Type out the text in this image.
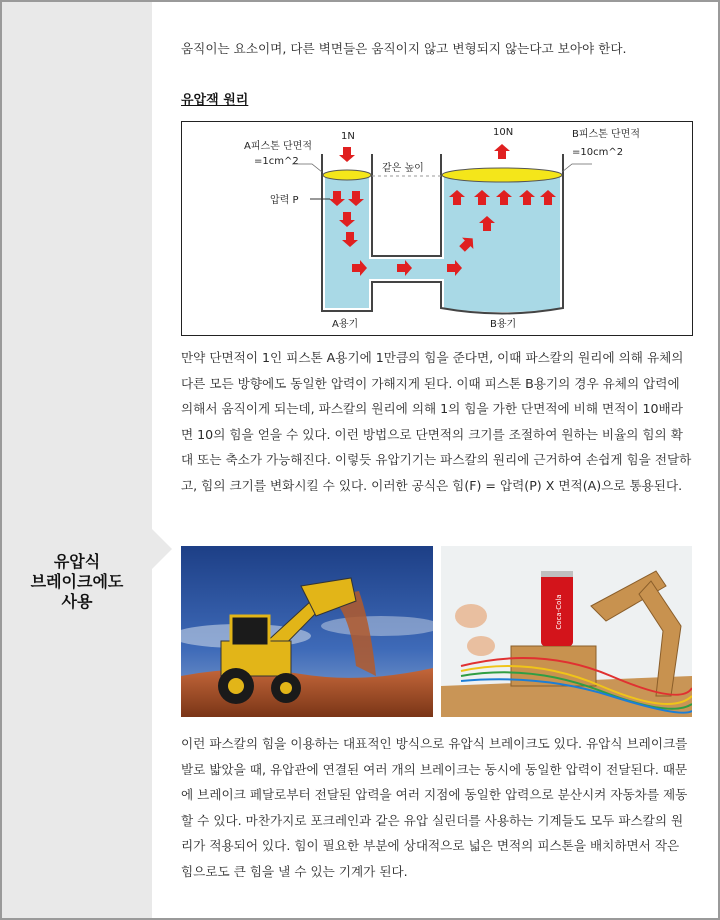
유압식
브레이크에도
사용

움직이는 요소이며, 다른 벽면들은 움직이지 않고 변형되지 않는다고 보아야 한다.

유압잭 원리
A피스톤 단면적
=1cm^2
B피스톤 단면적
=10cm^2
1N	10N
같은 높이
압력 P
A용기	B용기

만약 단면적이 1인 피스톤 A용기에 1만큼의 힘을 준다면, 이때 파스칼의 원리에 의해 유체의 다른 모든 방향에도 동일한 압력이 가해지게 된다. 이때 피스톤 B용기의 경우 유체의 압력에 의해서 움직이게 되는데, 파스칼의 원리에 의해 1의 힘을 가한 단면적에 비해 면적이 10배라면 10의 힘을 얻을 수 있다. 이런 방법으로 단면적의 크기를 조절하여 원하는 비율의 힘의 확대 또는 축소가 가능해진다. 이렇듯 유압기기는 파스칼의 원리에 근거하여 손쉽게 힘을 전달하고, 힘의 크기를 변화시킬 수 있다. 이러한 공식은 힘(F) = 압력(P) X 면적(A)으로 통용된다.

Coca-Cola

이런 파스칼의 힘을 이용하는 대표적인 방식으로 유압식 브레이크도 있다. 유압식 브레이크를 발로 밟았을 때, 유압관에 연결된 여러 개의 브레이크는 동시에 동일한 압력이 전달된다. 때문에 브레이크 페달로부터 전달된 압력을 여러 지점에 동일한 압력으로 분산시켜 자동차를 제동 할 수 있다. 마찬가지로 포크레인과 같은 유압 실린더를 사용하는 기계들도 모두 파스칼의 원리가 적용되어 있다. 힘이 필요한 부분에 상대적으로 넓은 면적의 피스톤을 배치하면서 작은 힘으로도 큰 힘을 낼 수 있는 기계가 된다.
